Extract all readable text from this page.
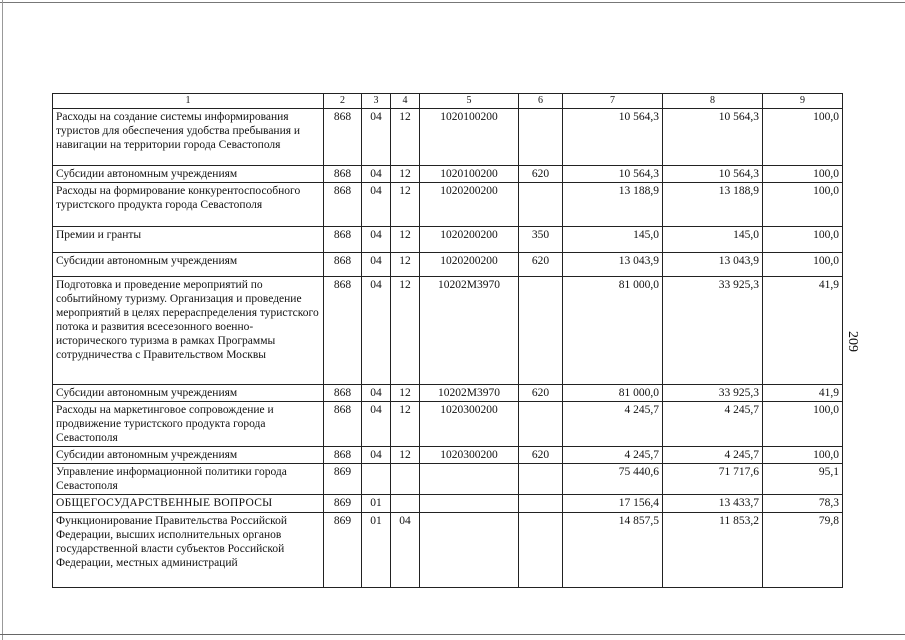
209
1	2	3	4	5	6	7	8	9
Расходы на создание системы информирования туристов для обеспечения удобства пребывания и навигации на территории города Севастополя	868	04	12	1020100200		10 564,3	10 564,3	100,0
Субсидии автономным учреждениям	868	04	12	1020100200	620	10 564,3	10 564,3	100,0
Расходы на формирование конкурентоспособного туристского продукта города Севастополя	868	04	12	1020200200		13 188,9	13 188,9	100,0
Премии и гранты	868	04	12	1020200200	350	145,0	145,0	100,0
Субсидии автономным учреждениям	868	04	12	1020200200	620	13 043,9	13 043,9	100,0
Подготовка и проведение мероприятий по событийному туризму. Организация и проведение мероприятий в целях перераспределения туристского потока и развития всесезонного военно-исторического туризма в рамках Программы сотрудничества с Правительством Москвы	868	04	12	10202М3970		81 000,0	33 925,3	41,9
Субсидии автономным учреждениям	868	04	12	10202М3970	620	81 000,0	33 925,3	41,9
Расходы на маркетинговое сопровождение и продвижение туристского продукта города Севастополя	868	04	12	1020300200		4 245,7	4 245,7	100,0
Субсидии автономным учреждениям	868	04	12	1020300200	620	4 245,7	4 245,7	100,0
Управление информационной политики города Севастополя	869					75 440,6	71 717,6	95,1
ОБЩЕГОСУДАРСТВЕННЫЕ ВОПРОСЫ	869	01				17 156,4	13 433,7	78,3
Функционирование Правительства Российской Федерации, высших исполнительных органов государственной власти субъектов Российской Федерации, местных администраций	869	01	04			14 857,5	11 853,2	79,8
